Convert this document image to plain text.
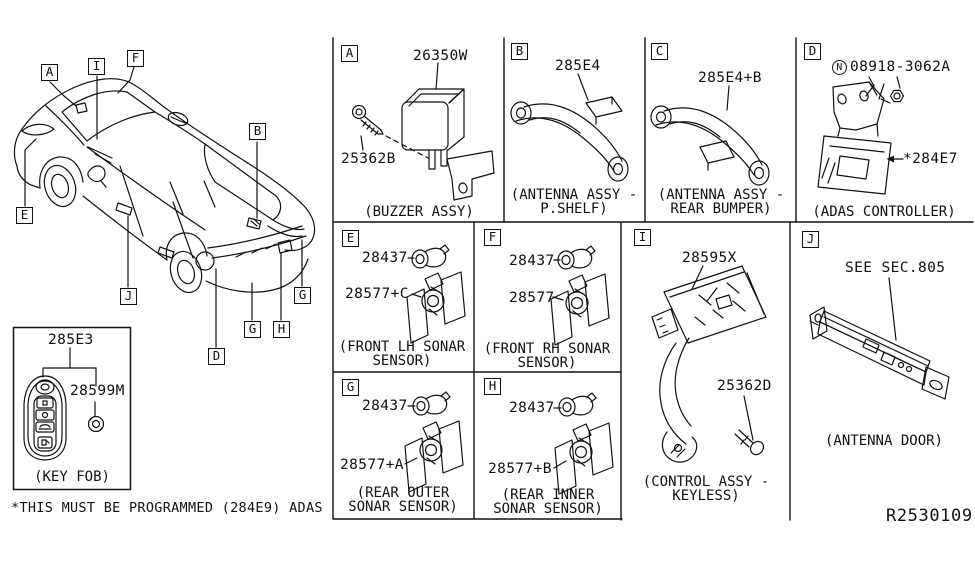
A	I
F
B
E
J
G H
G
D
A	B	C	D
E	F
G	H
I	J
26350W
25362B
285E4
285E4+B
N 08918-3062A
*284E7
28437
28577+C
28437
28577
28437
28577+A
28437
28577+B
28595X
25362D
SEE SEC.805
285E3
28599M
(BUZZER ASSY)
(ANTENNA ASSY - P.SHELF)
(ANTENNA ASSY - REAR BUMPER)	(ADAS CONTROLLER)
(FRONT LH SONAR SENSOR)
(FRONT RH SONAR SENSOR)
(REAR OUTER SONAR SENSOR)
(REAR INNER SONAR SENSOR)
(CONTROL ASSY - KEYLESS)
(ANTENNA DOOR)
(KEY FOB)
*THIS MUST BE PROGRAMMED (284E9) ADAS	R2530109
